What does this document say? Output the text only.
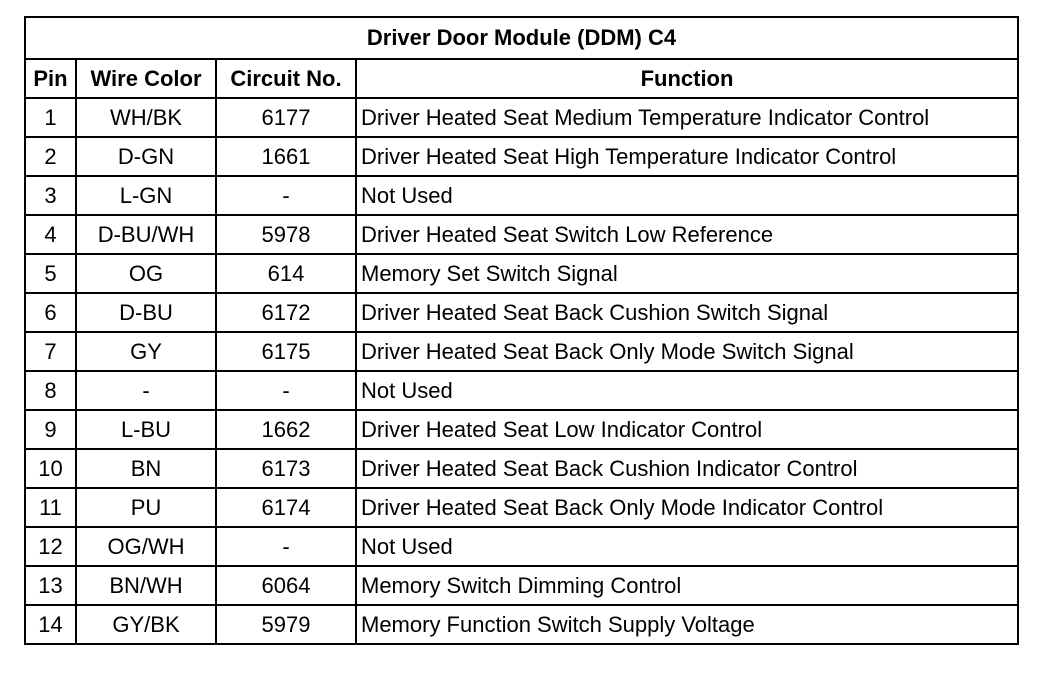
Driver Door Module (DDM) C4			
Pin	Wire Color	Circuit No.	Function
1	WH/BK	6177	Driver Heated Seat Medium Temperature Indicator Control
2	D-GN	1661	Driver Heated Seat High Temperature Indicator Control
3	L-GN	-	Not Used
4	D-BU/WH	5978	Driver Heated Seat Switch Low Reference
5	OG	614	Memory Set Switch Signal
6	D-BU	6172	Driver Heated Seat Back Cushion Switch Signal
7	GY	6175	Driver Heated Seat Back Only Mode Switch Signal
8	-	-	Not Used
9	L-BU	1662	Driver Heated Seat Low Indicator Control
10	BN	6173	Driver Heated Seat Back Cushion Indicator Control
11	PU	6174	Driver Heated Seat Back Only Mode Indicator Control
12	OG/WH	-	Not Used
13	BN/WH	6064	Memory Switch Dimming Control
14	GY/BK	5979	Memory Function Switch Supply Voltage
